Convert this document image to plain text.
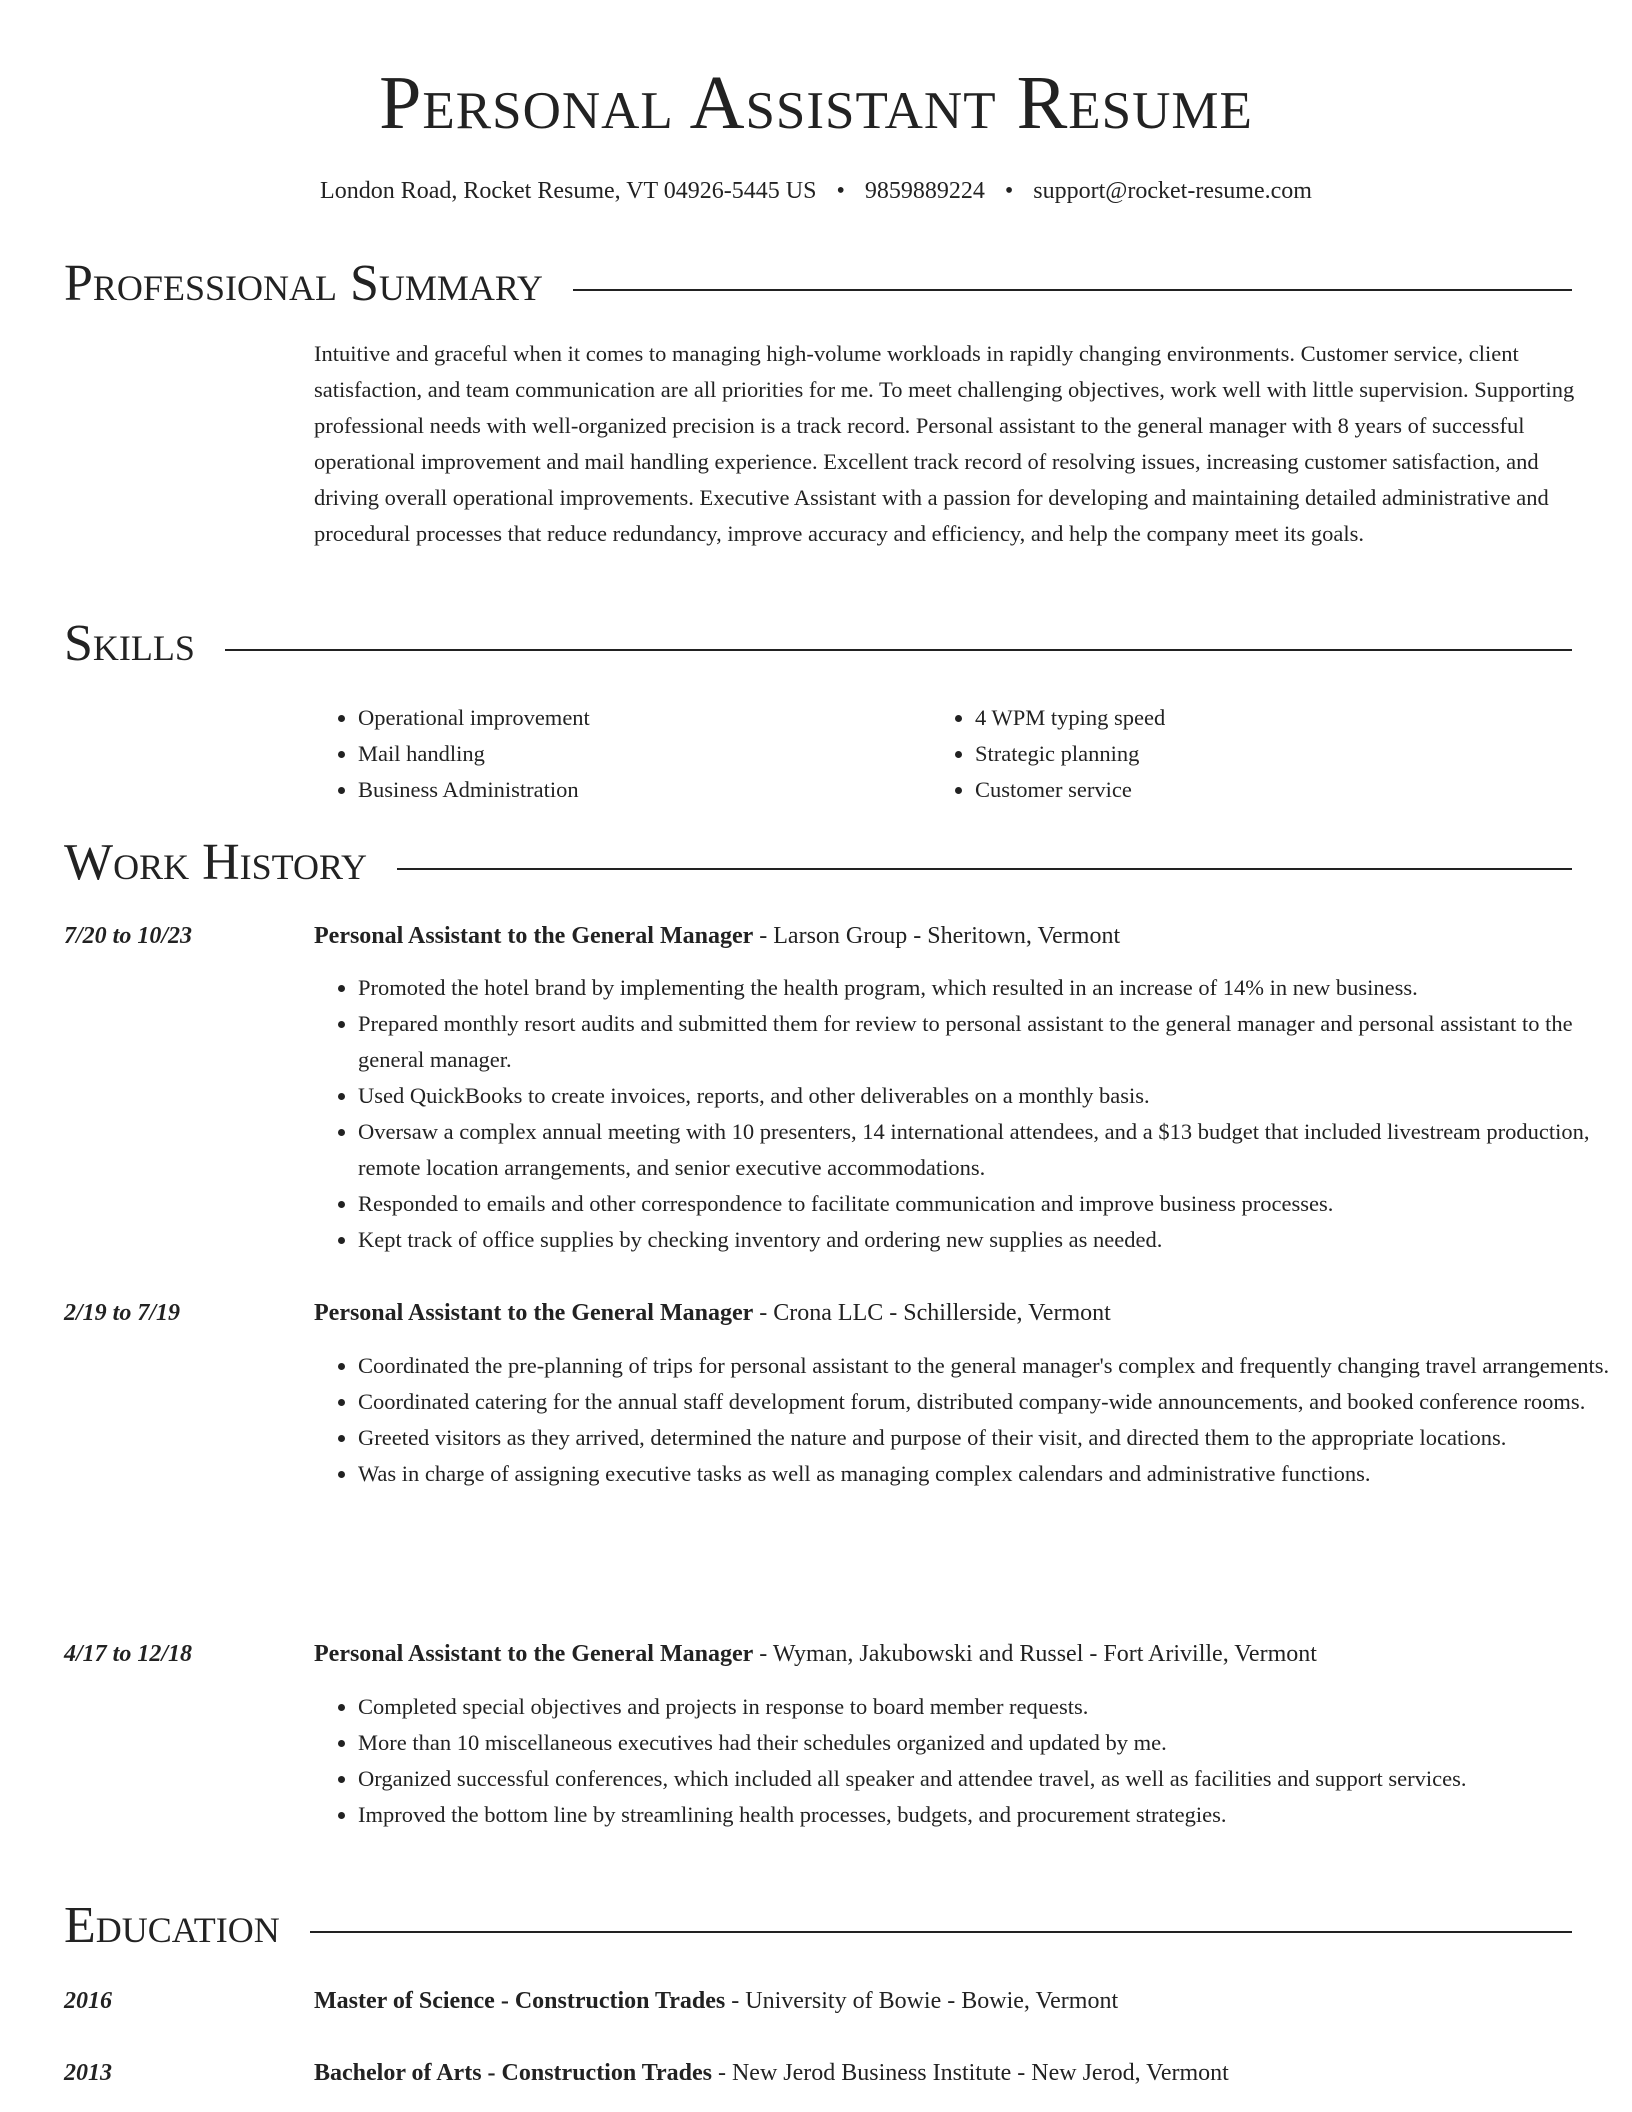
Personal Assistant Resume
London Road, Rocket Resume, VT 04926-5445 US • 9859889224 • support@rocket-resume.com
Professional Summary

Intuitive and graceful when it comes to managing high-volume workloads in rapidly changing environments. Customer service, client satisfaction, and team communication are all priorities for me. To meet challenging objectives, work well with little supervision. Supporting professional needs with well-organized precision is a track record. Personal assistant to the general manager with 8 years of successful operational improvement and mail handling experience. Excellent track record of resolving issues, increasing customer satisfaction, and driving overall operational improvements. Executive Assistant with a passion for developing and maintaining detailed administrative and procedural processes that reduce redundancy, improve accuracy and efficiency, and help the company meet its goals.

Skills
• Operational improvement
• Mail handling
• Business Administration
• 4 WPM typing speed
• Strategic planning
• Customer service
Work History
7/20 to 10/23	Personal Assistant to the General Manager - Larson Group - Sheritown, Vermont
• Promoted the hotel brand by implementing the health program, which resulted in an increase of 14% in new business.
• Prepared monthly resort audits and submitted them for review to personal assistant to the general manager and personal assistant to the general manager.
• Used QuickBooks to create invoices, reports, and other deliverables on a monthly basis.
• Oversaw a complex annual meeting with 10 presenters, 14 international attendees, and a $13 budget that included livestream production, remote location arrangements, and senior executive accommodations.
• Responded to emails and other correspondence to facilitate communication and improve business processes.
• Kept track of office supplies by checking inventory and ordering new supplies as needed.
2/19 to 7/19	Personal Assistant to the General Manager - Crona LLC - Schillerside, Vermont
• Coordinated the pre-planning of trips for personal assistant to the general manager's complex and frequently changing travel arrangements.
• Coordinated catering for the annual staff development forum, distributed company-wide announcements, and booked conference rooms.
• Greeted visitors as they arrived, determined the nature and purpose of their visit, and directed them to the appropriate locations.
• Was in charge of assigning executive tasks as well as managing complex calendars and administrative functions.
4/17 to 12/18	Personal Assistant to the General Manager - Wyman, Jakubowski and Russel - Fort Ariville, Vermont
• Completed special objectives and projects in response to board member requests.
• More than 10 miscellaneous executives had their schedules organized and updated by me.
• Organized successful conferences, which included all speaker and attendee travel, as well as facilities and support services.
• Improved the bottom line by streamlining health processes, budgets, and procurement strategies.
Education
2016	Master of Science - Construction Trades - University of Bowie - Bowie, Vermont
2013	Bachelor of Arts - Construction Trades - New Jerod Business Institute - New Jerod, Vermont
